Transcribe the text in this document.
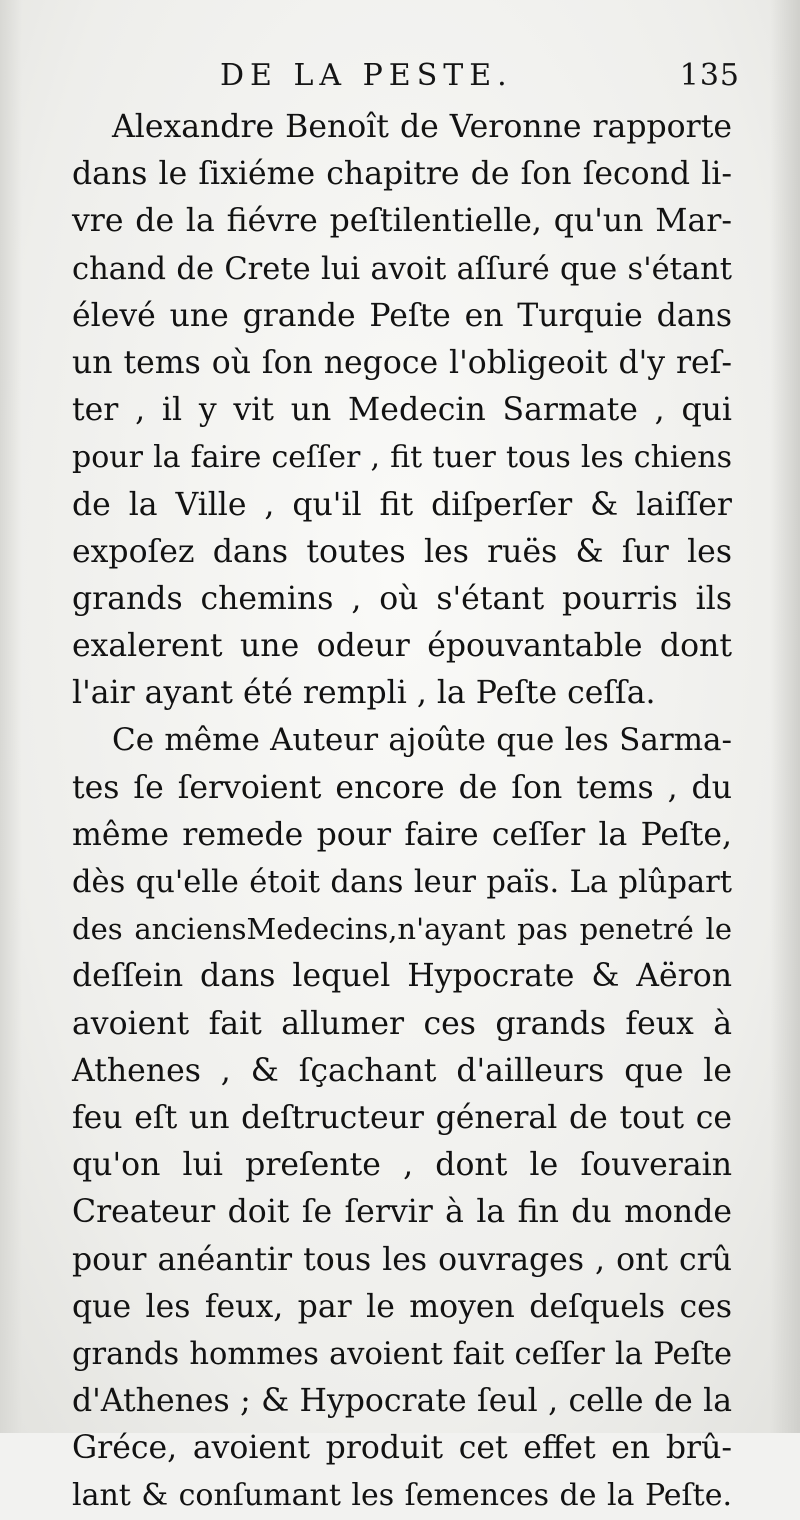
DE LA PESTE.	135
Alexandre Benoît de Veronne rapporte
dans le ſixiéme chapitre de ſon ſecond li-
vre de la fiévre peſtilentielle, qu'un Mar-
chand de Crete lui avoit aſſuré que s'étant
élevé une grande Peſte en Turquie dans
un tems où ſon negoce l'obligeoit d'y reſ-
ter , il y vit un Medecin Sarmate , qui
pour la faire ceſſer , fit tuer tous les chiens
de la Ville , qu'il fit diſperſer & laiſſer
expoſez dans toutes les ruës & ſur les
grands chemins , où s'étant pourris ils
exalerent une odeur épouvantable dont
l'air ayant été rempli , la Peſte ceſſa.
Ce même Auteur ajoûte que les Sarma-
tes ſe ſervoient encore de ſon tems , du
même remede pour faire ceſſer la Peſte,
dès qu'elle étoit dans leur païs. La plûpart
des anciensMedecins,n'ayant pas penetré le
deſſein dans lequel Hypocrate & Aëron
avoient fait allumer ces grands feux à
Athenes , & ſçachant d'ailleurs que le
feu eſt un deſtructeur géneral de tout ce
qu'on lui preſente , dont le ſouverain
Createur doit ſe ſervir à la fin du monde
pour anéantir tous les ouvrages , ont crû
que les feux, par le moyen deſquels ces
grands hommes avoient fait ceſſer la Peſte
d'Athenes ; & Hypocrate ſeul , celle de la
Gréce, avoient produit cet effet en brû-
lant & conſumant les ſemences de la Peſte.
